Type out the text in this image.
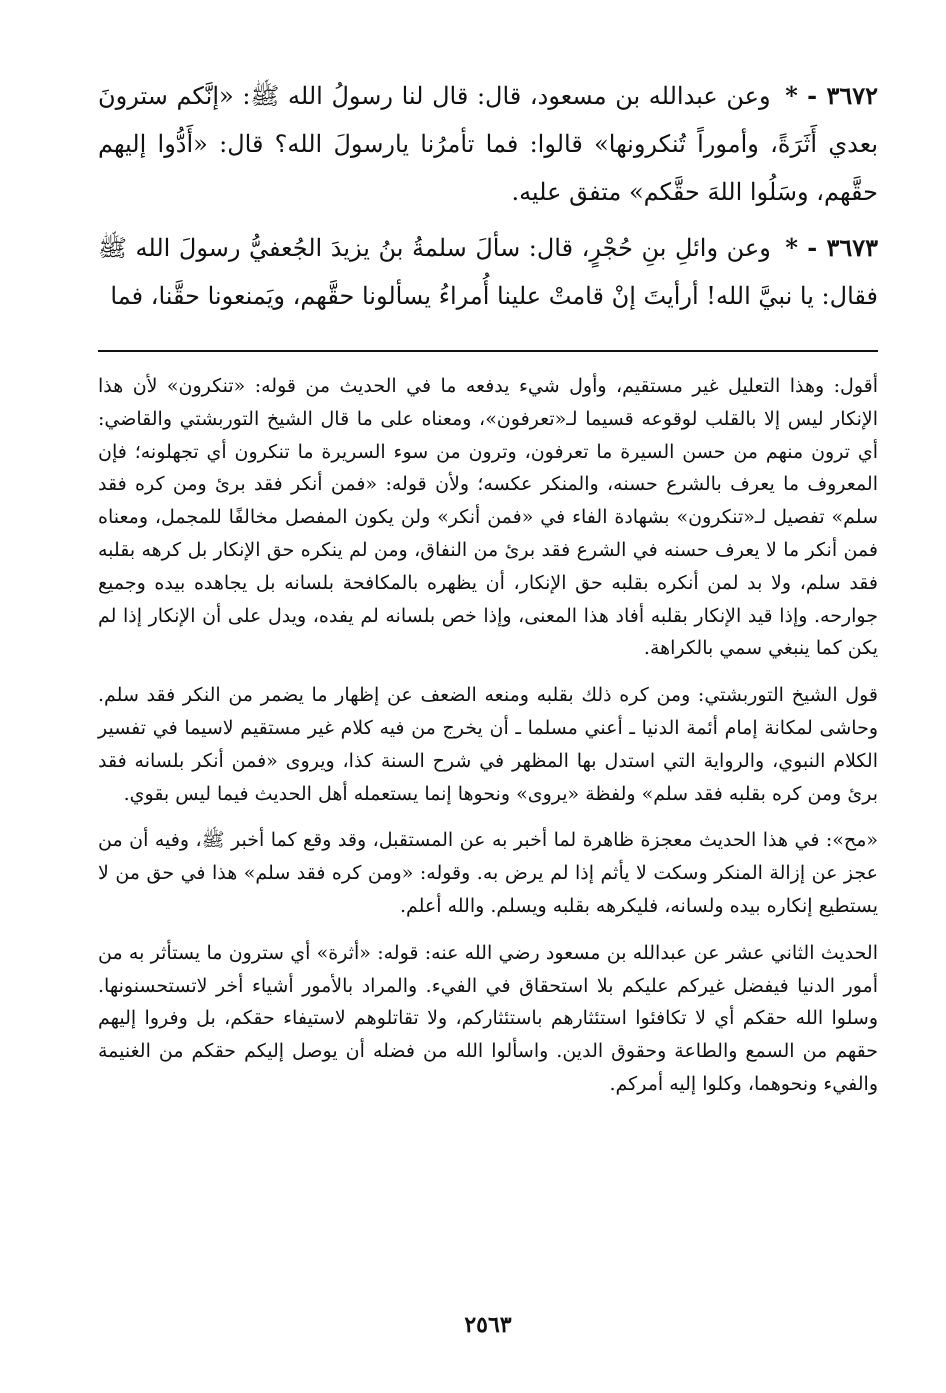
٣٦٧٢ - * وعن عبدالله بن مسعود، قال: قال لنا رسولُ الله ﷺ: «إنَّكم سترونَ بعدي أَثَرَةً، وأموراً تُنكرونها» قالوا: فما تأمرُنا يارسولَ الله؟ قال: «أَدُّوا إليهم حقَّهم، وسَلُوا اللهَ حقَّكم» متفق عليه.

٣٦٧٣ - * وعن وائلِ بنِ حُجْرٍ، قال: سألَ سلمةُ بنُ يزيدَ الجُعفيُّ رسولَ الله ﷺ فقال: يا نبيَّ الله! أرأيتَ إنْ قامتْ علينا أُمراءُ يسألونا حقَّهم، ويَمنعونا حقَّنا، فما

أقول: وهذا التعليل غير مستقيم، وأول شيء يدفعه ما في الحديث من قوله: «تنكرون» لأن هذا الإنكار ليس إلا بالقلب لوقوعه قسيما لـ«تعرفون»، ومعناه على ما قال الشيخ التوربشتي والقاضي: أي ترون منهم من حسن السيرة ما تعرفون، وترون من سوء السريرة ما تنكرون أي تجهلونه؛ فإن المعروف ما يعرف بالشرع حسنه، والمنكر عكسه؛ ولأن قوله: «فمن أنكر فقد برئ ومن كره فقد سلم» تفصيل لـ«تنكرون» بشهادة الفاء في «فمن أنكر» ولن يكون المفصل مخالفًا للمجمل، ومعناه فمن أنكر ما لا يعرف حسنه في الشرع فقد برئ من النفاق، ومن لم ينكره حق الإنكار بل كرهه بقلبه فقد سلم، ولا بد لمن أنكره بقلبه حق الإنكار، أن يظهره بالمكافحة بلسانه بل يجاهده بيده وجميع جوارحه. وإذا قيد الإنكار بقلبه أفاد هذا المعنى، وإذا خص بلسانه لم يفده، ويدل على أن الإنكار إذا لم يكن كما ينبغي سمي بالكراهة.

قول الشيخ التوربشتي: ومن كره ذلك بقلبه ومنعه الضعف عن إظهار ما يضمر من النكر فقد سلم. وحاشى لمكانة إمام أئمة الدنيا ـ أعني مسلما ـ أن يخرج من فيه كلام غير مستقيم لاسيما في تفسير الكلام النبوي، والرواية التي استدل بها المظهر في شرح السنة كذا، ويروى «فمن أنكر بلسانه فقد برئ ومن كره بقلبه فقد سلم» ولفظة «يروى» ونحوها إنما يستعمله أهل الحديث فيما ليس بقوي.

«مح»: في هذا الحديث معجزة ظاهرة لما أخبر به عن المستقبل، وقد وقع كما أخبر ﷺ، وفيه أن من عجز عن إزالة المنكر وسكت لا يأثم إذا لم يرض به. وقوله: «ومن كره فقد سلم» هذا في حق من لا يستطيع إنكاره بيده ولسانه، فليكرهه بقلبه ويسلم. والله أعلم.

الحديث الثاني عشر عن عبدالله بن مسعود رضي الله عنه: قوله: «أثرة» أي سترون ما يستأثر به من أمور الدنيا فيفضل غيركم عليكم بلا استحقاق في الفيء. والمراد بالأمور أشياء أخر لاتستحسنونها. وسلوا الله حقكم أي لا تكافئوا استئثارهم باستئثاركم، ولا تقاتلوهم لاستيفاء حقكم، بل وفروا إليهم حقهم من السمع والطاعة وحقوق الدين. واسألوا الله من فضله أن يوصل إليكم حقكم من الغنيمة والفيء ونحوهما، وكلوا إليه أمركم.

٢٥٦٣
